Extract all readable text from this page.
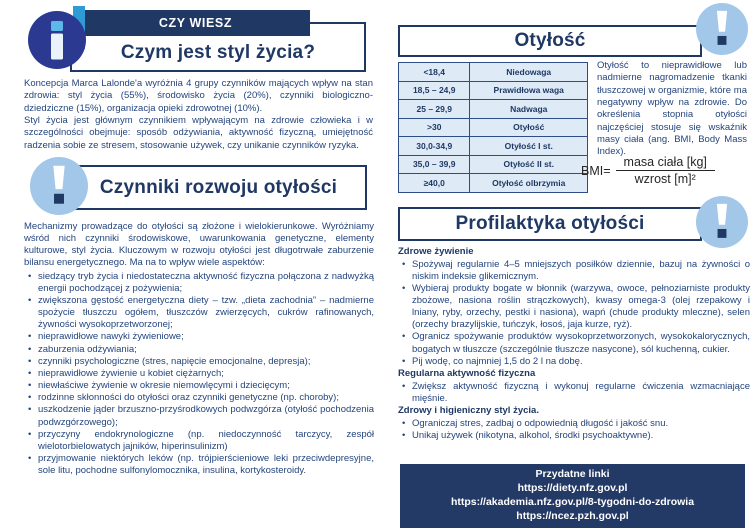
CZY WIESZ
Czym jest styl życia?
Koncepcja Marca Lalonde'a wyróżnia 4 grupy czynników mających wpływ na stan zdrowia: styl życia (55%), środowisko życia (20%), czynniki biologiczno-dziedziczne (15%), organizacja opieki zdrowotnej (10%).
Styl życia jest głównym czynnikiem wpływającym na zdrowie człowieka i w szczególności obejmuje: sposób odżywiania, aktywność fizyczną, umiejętność radzenia sobie ze stresem, stosowanie używek, czy unikanie czynników ryzyka.
Czynniki rozwoju otyłości

Mechanizmy prowadzące do otyłości są złożone i wielokierunkowe. Wyróżniamy wśród nich czynniki środowiskowe, uwarunkowania genetyczne, elementy kulturowe, styl życia. Kluczowym w rozwoju otyłości jest długotrwałe zaburzenie bilansu energetycznego. Ma na to wpływ wiele aspektów:

• siedzący tryb życia i niedostateczna aktywność fizyczna połączona z nadwyżką energii pochodzącej z pożywienia;
• zwiększona gęstość energetyczna diety – tzw. „dieta zachodnia” – nadmierne spożycie tłuszczu ogółem, tłuszczów zwierzęcych, cukrów rafinowanych, żywności wysokoprzetworzonej;
• nieprawidłowe nawyki żywieniowe;
• zaburzenia odżywiania;
• czynniki psychologiczne (stres, napięcie emocjonalne, depresja);
• nieprawidłowe żywienie u kobiet ciężarnych;
• niewłaściwe żywienie w okresie niemowlęcymi i dziecięcym;
• rodzinne skłonności do otyłości oraz czynniki genetyczne (np. choroby);
• uszkodzenie jąder brzuszno-przyśrodkowych podwzgórza (otyłość pochodzenia podwzgórzowego);
• przyczyny endokrynologiczne (np. niedoczynność tarczycy, zespół wielotorbielowatych jajników, hiperinsulinizm)
• przyjmowanie niektórych leków (np. trójpierścieniowe leki przeciwdepresyjne, sole litu, pochodne sulfonylomocznika, insulina, kortykosteroidy.
Otyłość
<18,4	Niedowaga
18,5 – 24,9	Prawidłowa waga
25 – 29,9	Nadwaga
>30	Otyłość
30,0-34,9	Otyłość I st.
35,0 – 39,9	Otyłość II st.
≥40,0	Otyłość olbrzymia
Otyłość to nieprawidłowe lub nadmierne nagromadzenie tkanki tłuszczowej w organizmie, które ma negatywny wpływ na zdrowie. Do określenia stopnia otyłości najczęściej stosuje się wskaźnik masy ciała (ang. BMI, Body Mass Index).
$BMI= \frac{\text{masa ciała [kg]}}{\text{wzrost [m]²}}$
Profilaktyka otyłości
Zdrowe żywienie
• Spożywaj regularnie 4–5 mniejszych posiłków dziennie, bazuj na żywności o niskim indeksie glikemicznym.
• Wybieraj produkty bogate w błonnik (warzywa, owoce, pełnoziarniste produkty zbożowe, nasiona roślin strączkowych), kwasy omega-3 (olej rzepakowy i lniany, ryby, orzechy, pestki i nasiona), wapń (chude produkty mleczne), selen (orzechy brazylijskie, tuńczyk, łosoś, jaja kurze, ryż).
• Ogranicz spożywanie produktów wysokoprzetworzonych, wysokokalorycznych, bogatych w tłuszcze (szczególnie tłuszcze nasycone), sól kuchenną, cukier.
• Pij wodę, co najmniej 1,5 do 2 l na dobę.
Regularna aktywność fizyczna
• Zwiększ aktywność fizyczną i wykonuj regularne ćwiczenia wzmacniające mięśnie.
Zdrowy i higieniczny styl życia.
• Ograniczaj stres, zadbaj o odpowiednią długość i jakość snu.
• Unikaj używek (nikotyna, alkohol, środki psychoaktywne).
Przydatne linki
https://diety.nfz.gov.pl
https://akademia.nfz.gov.pl/8-tygodni-do-zdrowia
https://ncez.pzh.gov.pl
